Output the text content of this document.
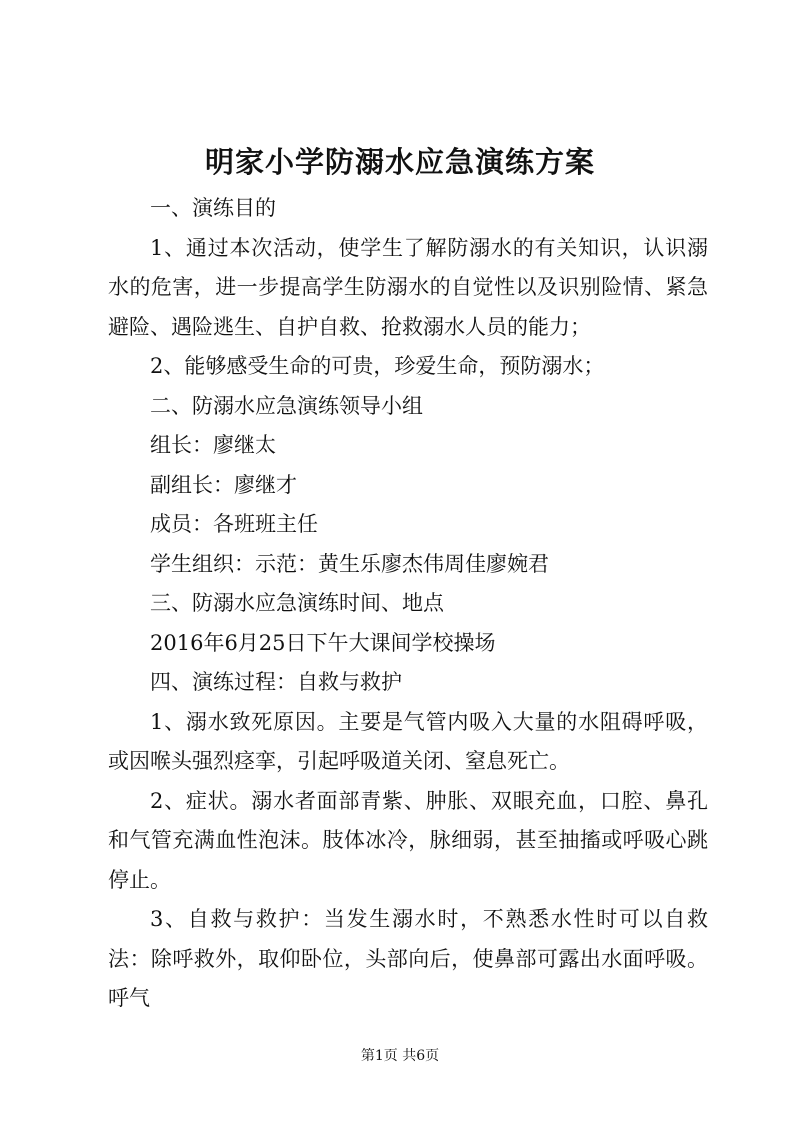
明家小学防溺水应急演练方案

一、演练目的

1、通过本次活动，使学生了解防溺水的有关知识，认识溺水的危害，进一步提高学生防溺水的自觉性以及识别险情、紧急避险、遇险逃生、自护自救、抢救溺水人员的能力；

2、能够感受生命的可贵，珍爱生命，预防溺水；

二、防溺水应急演练领导小组

组长：廖继太

副组长：廖继才

成员：各班班主任

学生组织：示范：黄生乐廖杰伟周佳廖婉君

三、防溺水应急演练时间、地点

2016年6月25日下午大课间学校操场

四、演练过程：自救与救护

1、溺水致死原因。主要是气管内吸入大量的水阻碍呼吸，或因喉头强烈痉挛，引起呼吸道关闭、窒息死亡。

2、症状。溺水者面部青紫、肿胀、双眼充血，口腔、鼻孔和气管充满血性泡沫。肢体冰冷，脉细弱，甚至抽搐或呼吸心跳停止。

3、自救与救护：当发生溺水时，不熟悉水性时可以自救法：除呼救外，取仰卧位，头部向后，使鼻部可露出水面呼吸。呼气

第1页 共6页
